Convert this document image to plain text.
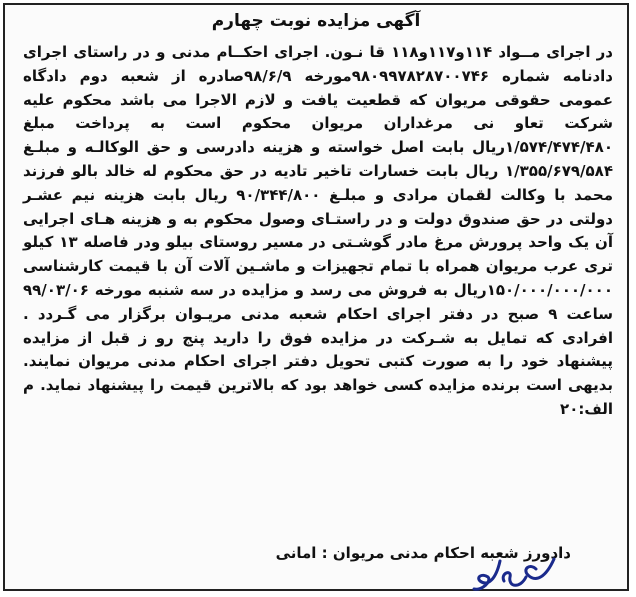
آگهی مزایده نوبت چهارم

در اجرای مــواد ۱۱۴و۱۱۷و۱۱۸ قا نـون. اجرای احکــام مدنی و در راستای اجرای دادنامه شماره ۹۸۰۹۹۷۸۲۸۷۰۰۷۴۶مورخه ۹۸/۶/۹صادره از شعبه دوم دادگاه عمومی حقوقی مریوان که قطعیت یافت و لازم الاجرا می باشد محکوم علیه شرکت تعاو نی مرغداران مریوان محکوم است به پرداخت مبلغ ۱/۵۷۴/۴۷۴/۴۸۰ریال بابت اصل خواسته و هزینه دادرسی و حق الوکالـه و مبلـغ ۱/۳۵۵/۶۷۹/۵۸۴ ریال بابت خسارات تاخیر تادیه در حق محکوم له خالد بالو فرزند محمد با وکالت لقمان مرادی و مبلـغ ۹۰/۳۴۴/۸۰۰ ریال بابت هزینه نیم عشـر دولتی در حق صندوق دولت و در راستـای وصول محکوم به و هزینه هـای اجرایی آن یک واحد پرورش مرغ مادر گوشـتی در مسیر روستای بیلو ودر فاصله ۱۳ کیلو تری عرب مریوان همراه با تمام تجهیزات و ماشـین آلات آن با قیمت کارشناسی ۱۵۰/۰۰۰/۰۰۰/۰۰۰ریال به فروش می رسد و مزایده در سه شنبه مورخه ۹۹/۰۳/۰۶ ساعت ۹ صبح در دفتر اجرای احکام شعبه مدنی مریـوان برگزار می گـردد . افرادی که تمایل به شـرکت در مزایده فوق را دارید پنج رو ز قبل از مزایده پیشنهاد خود را به صورت کتبی تحویل دفتر اجرای احکام مدنی مریوان نمایند. بدیهی است برنده مزایده کسی خواهد بود که بالاترین قیمت را پیشنهاد نماید. م الف:۲۰

دادورز شعبه احکام مدنی مریوان : امانی
